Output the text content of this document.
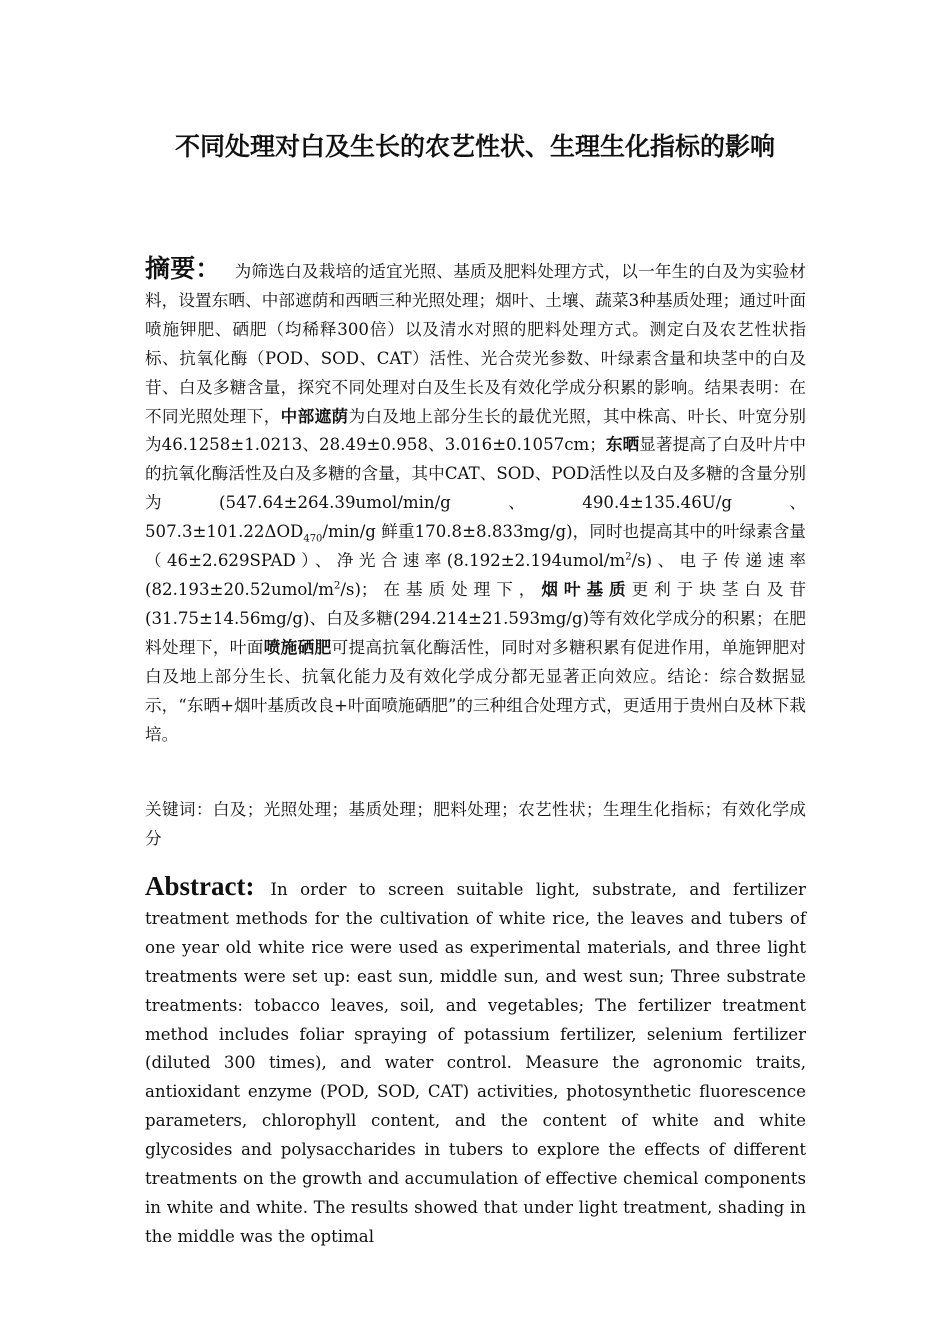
不同处理对白及生长的农艺性状、生理生化指标的影响

摘要： 为筛选白及栽培的适宜光照、基质及肥料处理方式，以一年生的白及为实验材料，设置东晒、中部遮荫和西晒三种光照处理；烟叶、土壤、蔬菜3种基质处理；通过叶面喷施钾肥、硒肥（均稀释300倍）以及清水对照的肥料处理方式。测定白及农艺性状指标、抗氧化酶（POD、SOD、CAT）活性、光合荧光参数、叶绿素含量和块茎中的白及苷、白及多糖含量，探究不同处理对白及生长及有效化学成分积累的影响。结果表明：在不同光照处理下，中部遮荫为白及地上部分生长的最优光照，其中株高、叶长、叶宽分别为46.1258±1.0213、28.49±0.958、3.016±0.1057cm；东晒显著提高了白及叶片中的抗氧化酶活性及白及多糖的含量，其中CAT、SOD、POD活性以及白及多糖的含量分别为(547.64±264.39umol/min/g、490.4±135.46U/g、$507.3\pm 101.22\Delta OD_{470}/\min/g$ 鲜重170.8±8.833mg/g)，同时也提高其中的叶绿素含量（46±2.629SPAD）、净光合速率$(8.192\pm 2.194umol/m^2/s)$、电子传递速率$(82.193\pm 20.52umol/m^2/s)$；在基质处理下，烟叶基质更利于块茎白及苷(31.75±14.56mg/g)、白及多糖(294.214±21.593mg/g)等有效化学成分的积累；在肥料处理下，叶面喷施硒肥可提高抗氧化酶活性，同时对多糖积累有促进作用，单施钾肥对白及地上部分生长、抗氧化能力及有效化学成分都无显著正向效应。结论：综合数据显示，“东晒+烟叶基质改良+叶面喷施硒肥”的三种组合处理方式，更适用于贵州白及林下栽培。

关键词：白及；光照处理；基质处理；肥料处理；农艺性状；生理生化指标；有效化学成分

Abstract: In order to screen suitable light, substrate, and fertilizer treatment methods for the cultivation of white rice, the leaves and tubers of one year old white rice were used as experimental materials, and three light treatments were set up: east sun, middle sun, and west sun; Three substrate treatments: tobacco leaves, soil, and vegetables; The fertilizer treatment method includes foliar spraying of potassium fertilizer, selenium fertilizer (diluted 300 times), and water control. Measure the agronomic traits, antioxidant enzyme (POD, SOD, CAT) activities, photosynthetic fluorescence parameters, chlorophyll content, and the content of white and white glycosides and polysaccharides in tubers to explore the effects of different treatments on the growth and accumulation of effective chemical components in white and white. The results showed that under light treatment, shading in the middle was the optimal
